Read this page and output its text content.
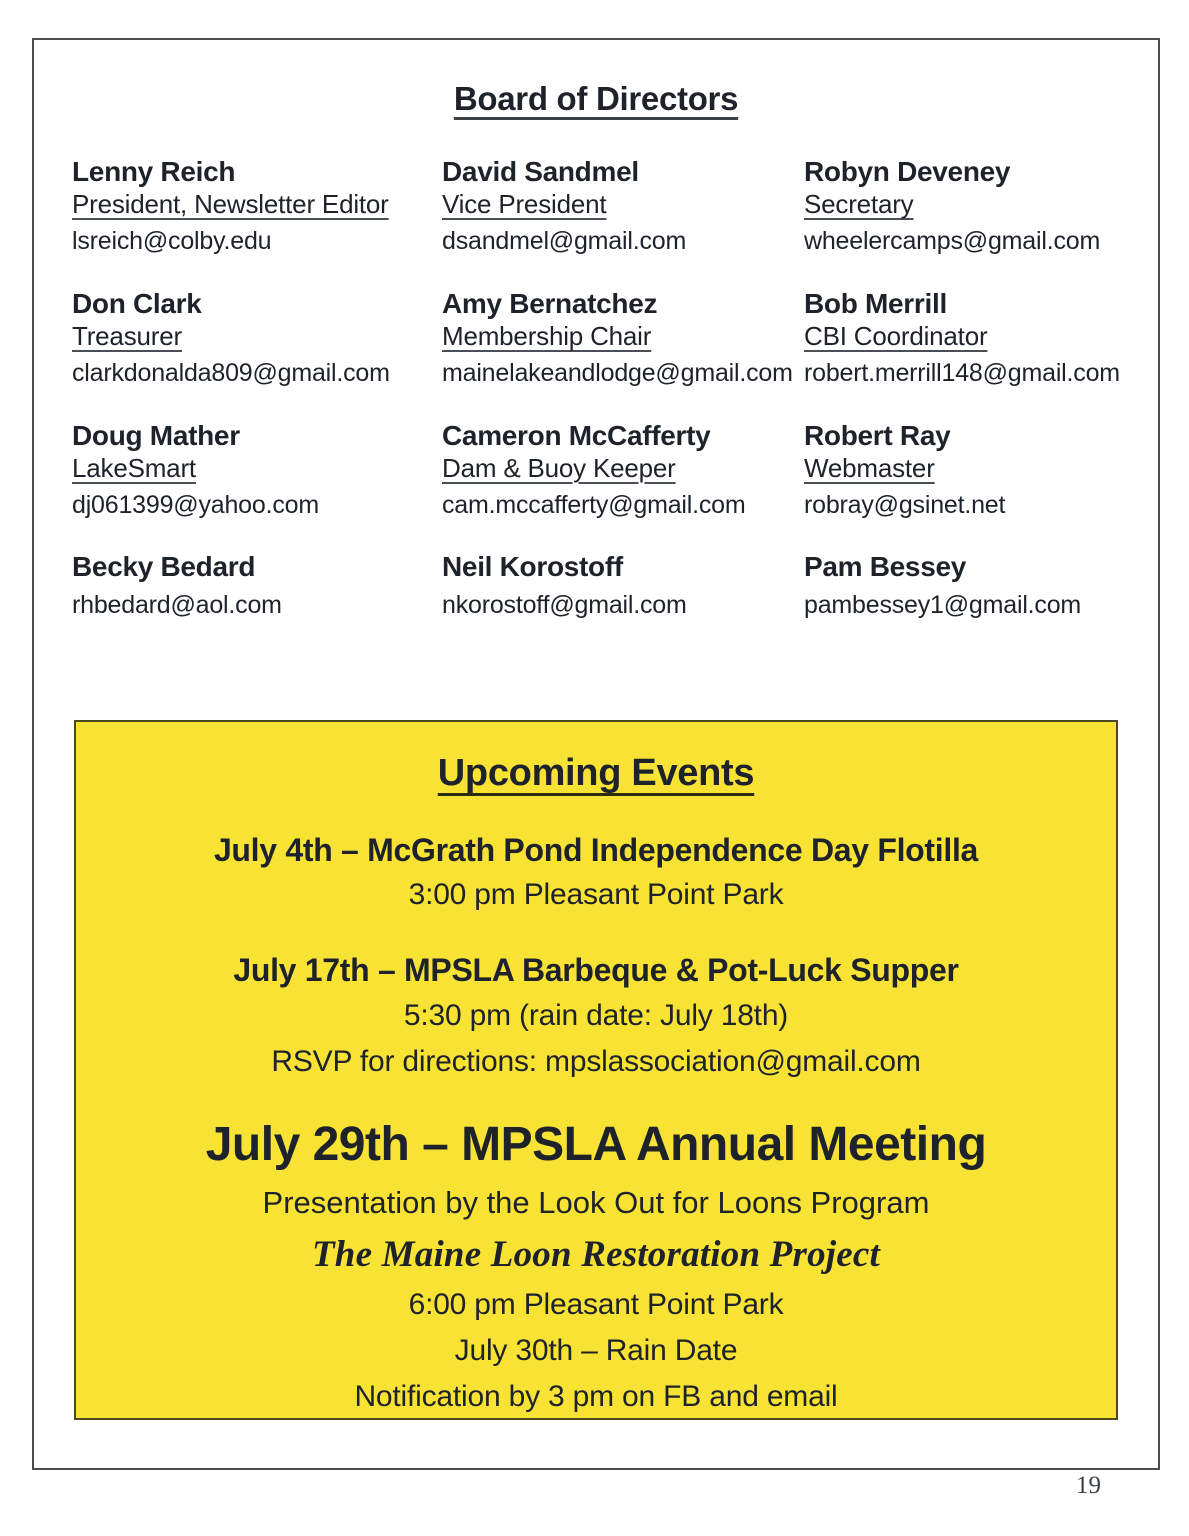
Board of Directors
Lenny Reich
President, Newsletter Editor
lsreich@colby.edu
David Sandmel
Vice President
dsandmel@gmail.com
Robyn Deveney
Secretary
wheelercamps@gmail.com
Don Clark
Treasurer
clarkdonalda809@gmail.com
Amy Bernatchez
Membership Chair
mainelakeandlodge@gmail.com
Bob Merrill
CBI Coordinator
robert.merrill148@gmail.com
Doug Mather
LakeSmart
dj061399@yahoo.com
Cameron McCafferty
Dam & Buoy Keeper
cam.mccafferty@gmail.com
Robert Ray
Webmaster
robray@gsinet.net
Becky Bedard
rhbedard@aol.com
Neil Korostoff
nkorostoff@gmail.com
Pam Bessey
pambessey1@gmail.com
Upcoming Events
July 4th – McGrath Pond Independence Day Flotilla
3:00 pm Pleasant Point Park
July 17th – MPSLA Barbeque & Pot-Luck Supper
5:30 pm (rain date: July 18th)
RSVP for directions: mpslassociation@gmail.com
July 29th – MPSLA Annual Meeting
Presentation by the Look Out for Loons Program
The Maine Loon Restoration Project
6:00 pm Pleasant Point Park
July 30th – Rain Date
Notification by 3 pm on FB and email
19
